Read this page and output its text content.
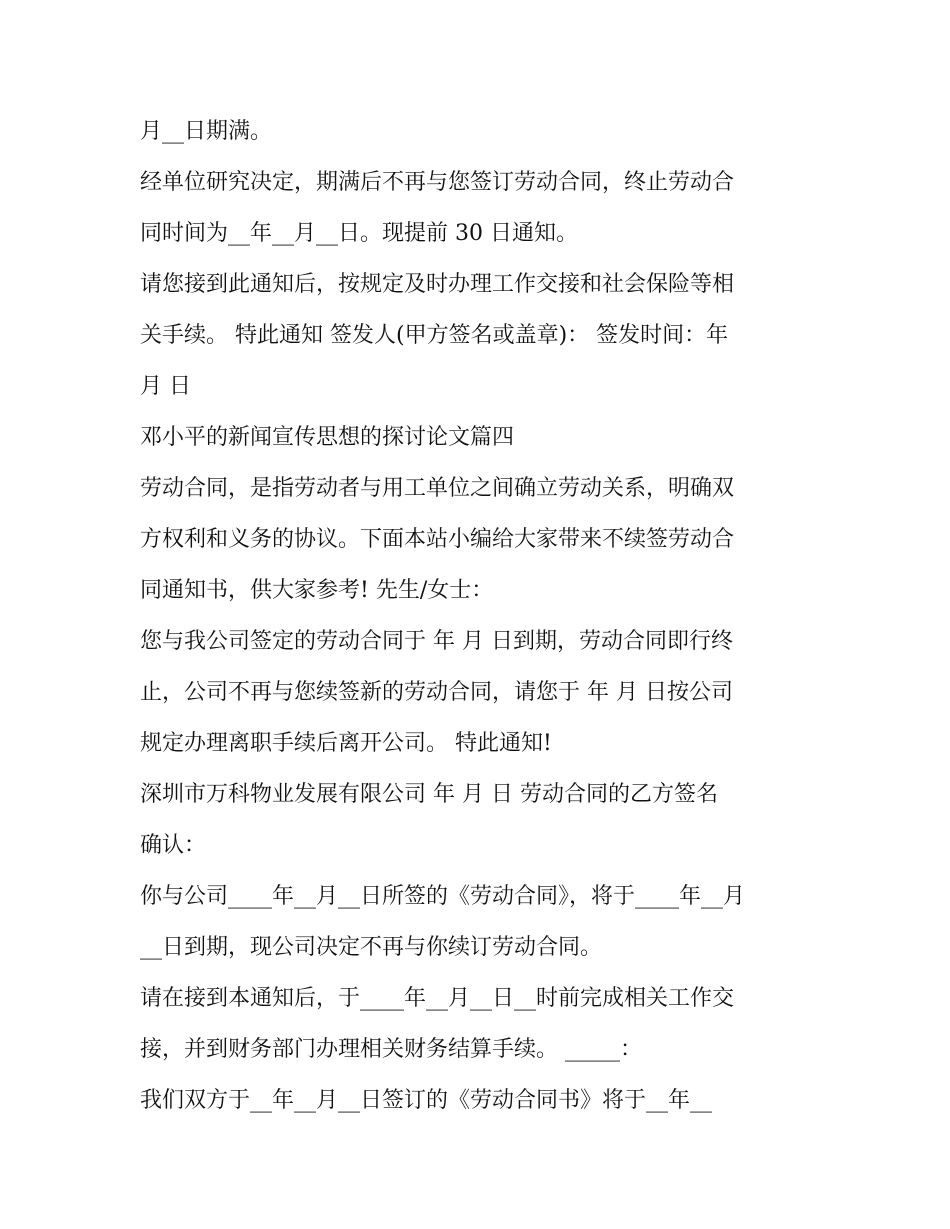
月__日期满。
经单位研究决定，期满后不再与您签订劳动合同，终止劳动合
同时间为__年__月__日。现提前 30 日通知。
请您接到此通知后，按规定及时办理工作交接和社会保险等相
关手续。 特此通知 签发人(甲方签名或盖章)： 签发时间：年
月 日
邓小平的新闻宣传思想的探讨论文篇四
劳动合同，是指劳动者与用工单位之间确立劳动关系，明确双
方权利和义务的协议。下面本站小编给大家带来不续签劳动合
同通知书，供大家参考! 先生/女士：
您与我公司签定的劳动合同于 年 月 日到期，劳动合同即行终
止，公司不再与您续签新的劳动合同，请您于 年 月 日按公司
规定办理离职手续后离开公司。 特此通知!
深圳市万科物业发展有限公司 年 月 日 劳动合同的乙方签名
确认：
你与公司____年__月__日所签的《劳动合同》，将于____年__月
__日到期，现公司决定不再与你续订劳动合同。
请在接到本通知后，于____年__月__日__时前完成相关工作交
接，并到财务部门办理相关财务结算手续。 _____：
我们双方于__年__月__日签订的《劳动合同书》将于__年__
